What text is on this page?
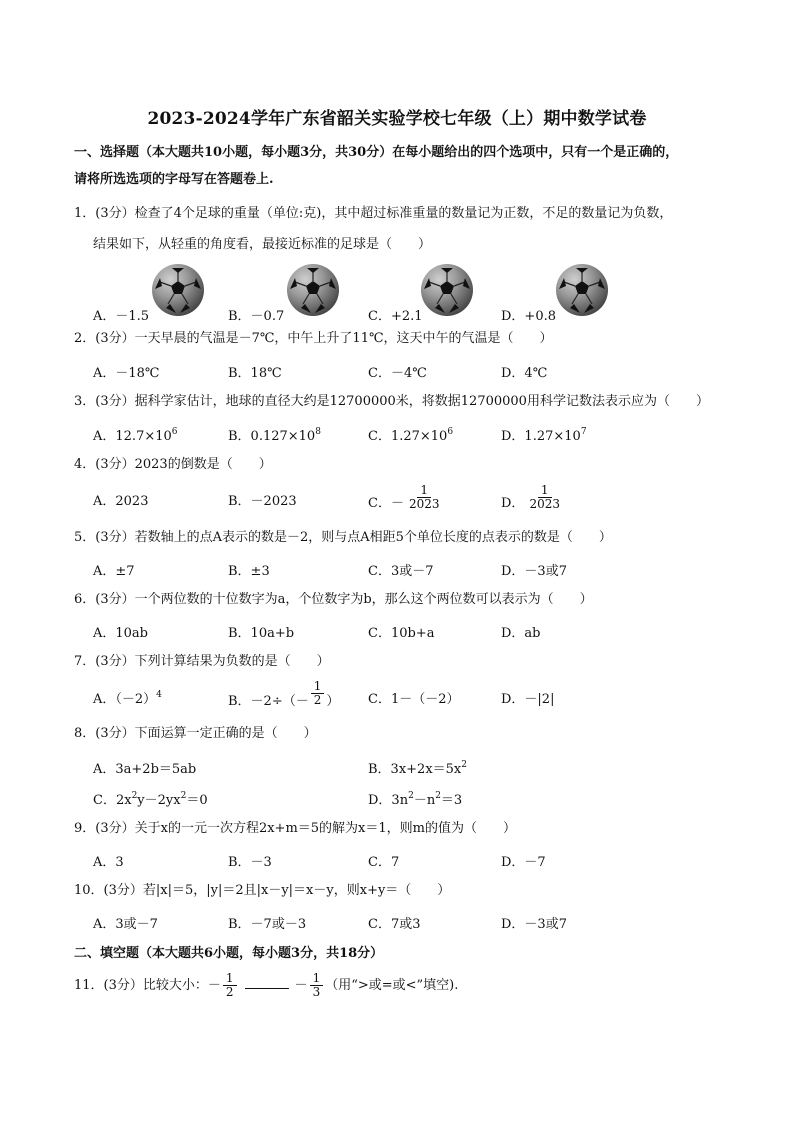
2023-2024学年广东省韶关实验学校七年级（上）期中数学试卷
一、选择题（本大题共10小题，每小题3分，共30分）在每小题给出的四个选项中，只有一个是正确的，
请将所选选项的字母写在答题卷上.
1．(3分）检查了4个足球的重量（单位:克)，其中超过标准重量的数量记为正数，不足的数量记为负数，
结果如下，从轻重的角度看，最接近标准的足球是（　　）
A．－1.5	B．－0.7	C．+2.1	D．+0.8
2．(3分）一天早晨的气温是－7℃，中午上升了11℃，这天中午的气温是（　　）
A．－18℃	B．18℃	C．－4℃	D．4℃
3．(3分）据科学家估计，地球的直径大约是12700000米，将数据12700000用科学记数法表示应为（　　）
A．$12.7\times 10^6$	B．$0.127\times 10^8$	C．$1.27\times 10^6$	D．$1.27\times 10^7$
4．(3分）2023的倒数是（　　）
A．2023	B．－2023	C．－ $\frac{1}{2023}$	D． $\frac{1}{2023}$
5．(3分）若数轴上的点A表示的数是－2，则与点A相距5个单位长度的点表示的数是（　　）
A．±7	B．±3	C．3或－7	D．－3或7
6．(3分）一个两位数的十位数字为a，个位数字为b，那么这个两位数可以表示为（　　）
A．10ab	B．10a+b	C．10b+a	D．ab
7．(3分）下列计算结果为负数的是（　　）
A．$(-2)^4$	B．$-2\div(- \frac{1}{2}$ ） C．1－（－2）	D．－|2|
8．(3分）下面运算一定正确的是（　　）
A．3a+2b＝5ab	B．$3x+2x=5x^2$
C．$2x^2y-2yx^2=0$	D．$3n^2-n^2=3$
9．(3分）关于x的一元一次方程2x+m＝5的解为x＝1，则m的值为（　　）
A．3	B．－3	C．7	D．－7
10．(3分）若|x|＝5，|y|＝2且|x－y|＝x－y，则x+y＝（　　）
A．3或－7	B．－7或－3	C．7或3	D．－3或7
二、填空题（本大题共6小题，每小题3分，共18分）
11．(3分）比较大小：－ $\frac{1}{2}$	－ $\frac{1}{3}$ （用“>或=或<”填空).
